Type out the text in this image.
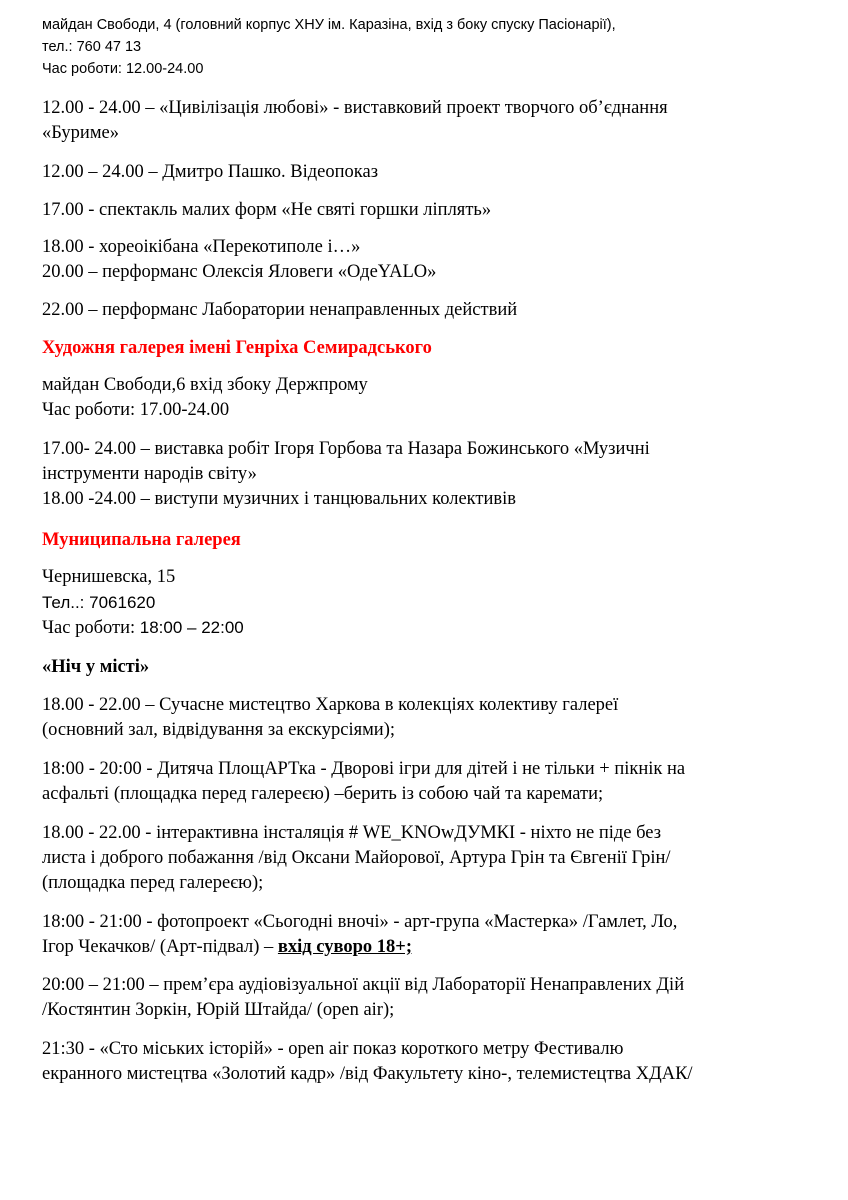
майдан Свободи, 4 (головний корпус ХНУ ім. Каразіна, вхід з боку спуску Пасіонарії),
тел.: 760 47 13
Час роботи: 12.00-24.00
12.00 - 24.00 – «Цивілізація любові» - виставковий проект творчого об’єднання
«Буриме»
12.00 – 24.00 – Дмитро Пашко. Відеопоказ
17.00 - спектакль малих форм «Не святі горшки ліплять»
18.00 - хореоікібана «Перекотиполе і…»
20.00 – перформанс Олексія Яловеги «ОдеYALO»
22.00 – перформанс Лаборатории ненаправленных действий
Художня галерея імені Генріха Семирадського
майдан Свободи,6 вхід збоку Держпрому
Час роботи: 17.00-24.00
17.00- 24.00 – виставка робіт Ігоря Горбова та Назара Божинського «Музичні
інструменти народів світу»
18.00 -24.00 – виступи музичних і танцювальних колективів
Муниципальна галерея
Чернишевска, 15
Тел..: 7061620
Час роботи: 18:00 – 22:00
«Ніч у місті»
18.00 - 22.00 – Сучасне мистецтво Харкова в колекціях колективу галереї
(основний зал, відвідування за екскурсіями);
18:00 - 20:00 - Дитяча ПлощАРТка - Дворові ігри для дітей і не тільки + пікнік на
асфальті (площадка перед галереєю) –берить із собою чай та каремати;
18.00 - 22.00 - інтерактивна інсталяція # WE_KNOwДУМКІ - ніхто не піде без
листа і доброго побажання /від Оксани Майорової, Артура Грін та Євгенії Грін/
(площадка перед галереєю);
18:00 - 21:00 - фотопроект «Сьогодні вночі» - арт-група «Мастерка» /Гамлет, Ло,
Ігор Чекачков/ (Арт-підвал) – вхід суворо 18+;
20:00 – 21:00 – прем’єра аудіовізуальної акції від Лабораторії Ненаправлених Дій
/Костянтин Зоркін, Юрій Штайда/ (open air);
21:30 - «Сто міських історій» - open air показ короткого метру Фестивалю
екранного мистецтва «Золотий кадр» /від Факультету кіно-, телемистецтва ХДАК/
